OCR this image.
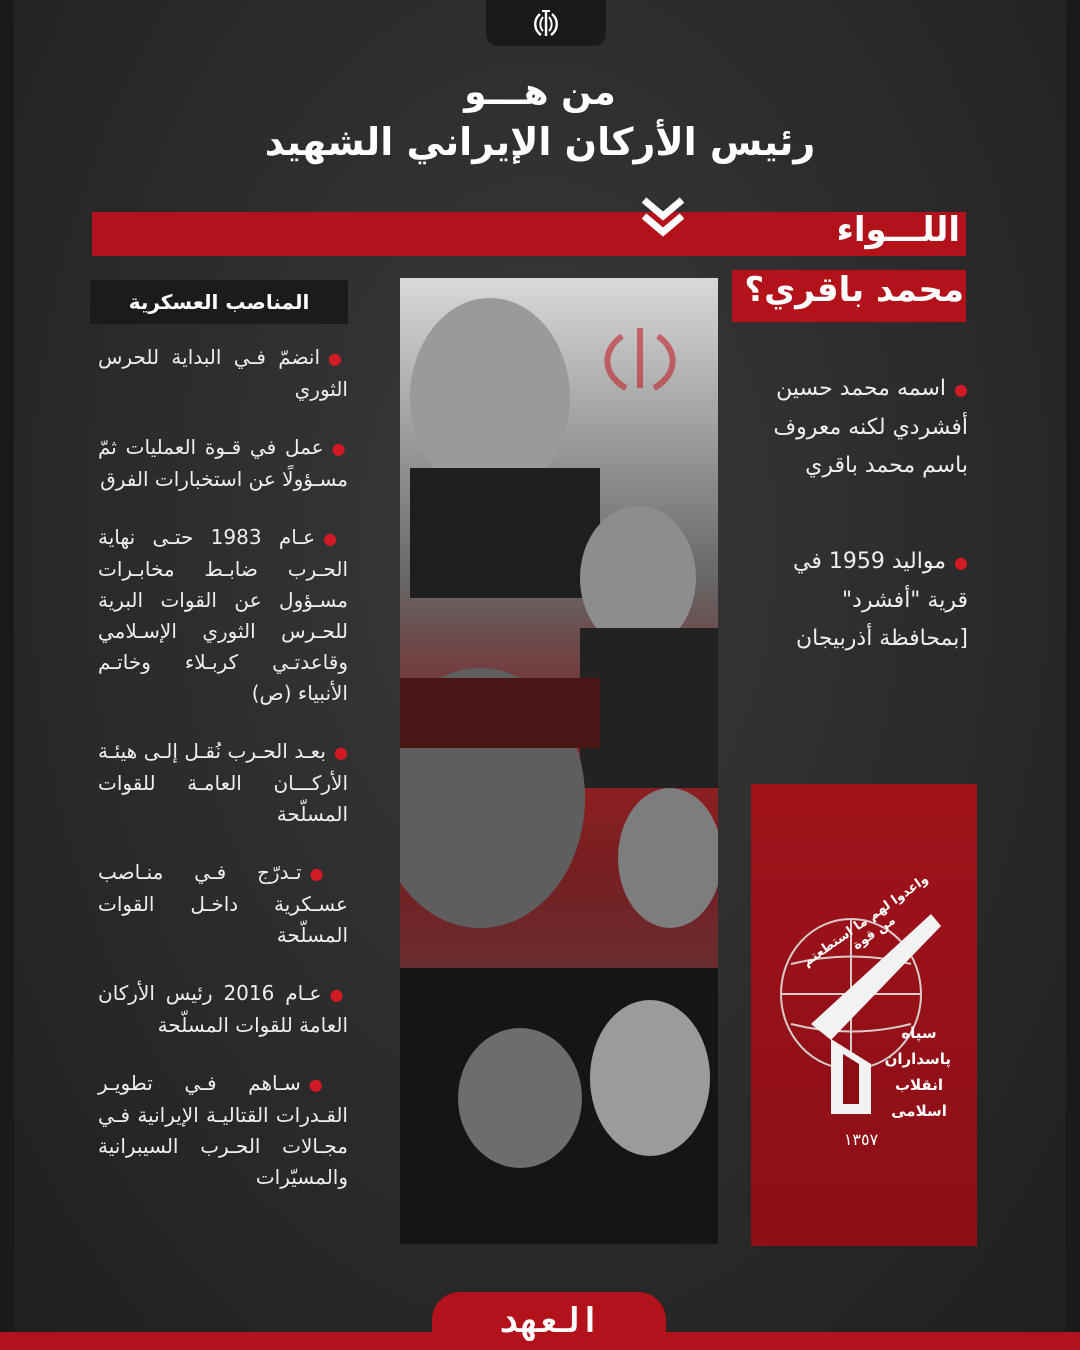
من هـــو
رئيس الأركان الإيراني الشهيد
اللـــواء
محمد باقري؟
المناصب العسكرية
●انضمّ فـي البداية للحرس الثوري
●عمل في قـوة العمليات ثمّ مسـؤولًا عن استخبارات الفرق
●عـام 1983 حتـى نهاية الحـرب ضابـط مخابـرات مسـؤول عن القوات البرية للحـرس الثوري الإسـلامي وقاعدتـي كربـلاء وخاتـم الأنبياء (ص)
●بعـد الحـرب نُقـل إلـى هيئـة الأركـــان العامـة للقوات المسلّحة
●تـدرّج فـي منـاصب عسـكرية داخـل القوات المسلّحة
●عـام 2016 رئيس الأركان العامة للقوات المسلّحة
●سـاهم فـي تطويـر القـدرات القتاليـة الإيرانية فـي مجـالات الحـرب السيبرانية والمسيّرات
●اسمه محمد حسين أفشردي لكنه معروف باسم محمد باقري
●مواليد 1959 في قرية "أفشرد" [بمحافظة أذربيجان
واعدوا لهم ما استطعتم من قوة
سپاه پاسداران انقلاب اسلامی
١٣٥٧
العهد
